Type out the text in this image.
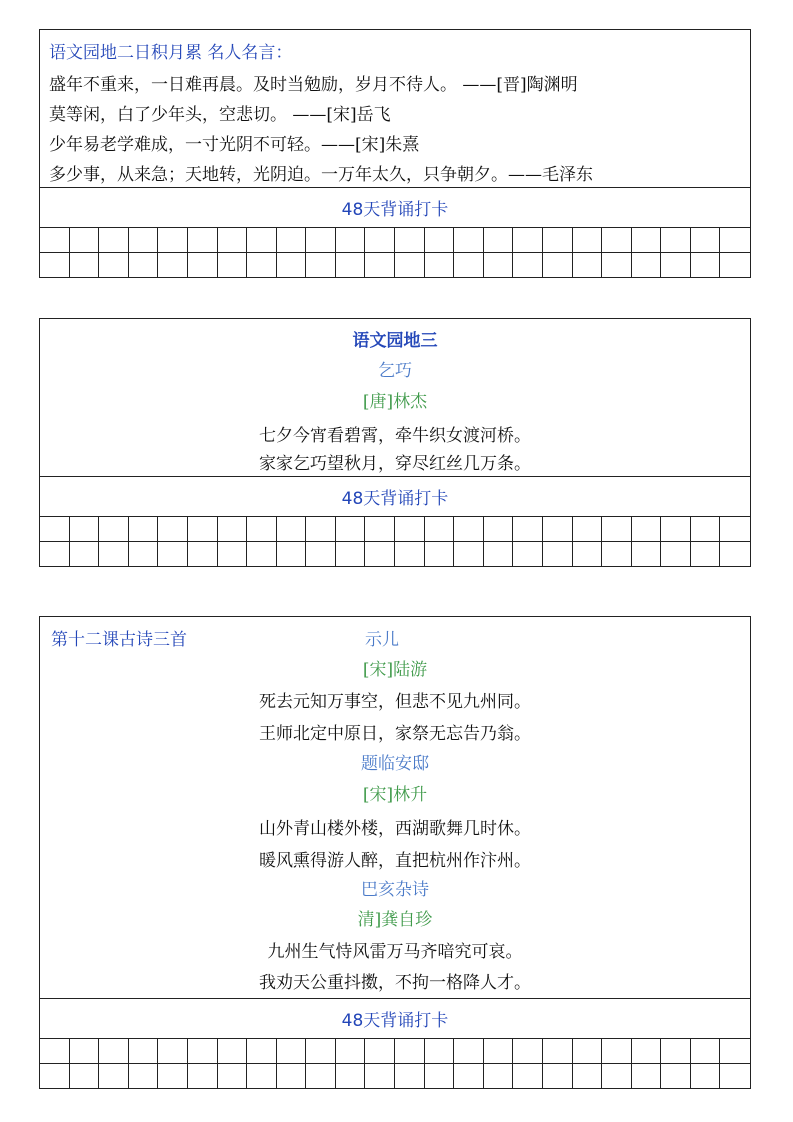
语文园地二日积月累 名人名言：
盛年不重来，一日难再晨。及时当勉励，岁月不待人。 ——[晋]陶渊明
莫等闲，白了少年头，空悲切。 ——[宋]岳飞
少年易老学难成，一寸光阴不可轻。——[宋]朱熹
多少事，从来急；天地转，光阴迫。一万年太久，只争朝夕。——毛泽东
48天背诵打卡
语文园地三
乞巧
[唐]林杰
七夕今宵看碧霄，牵牛织女渡河桥。
家家乞巧望秋月，穿尽红丝几万条。
48天背诵打卡
第十二课古诗三首	示儿
[宋]陆游
死去元知万事空，但悲不见九州同。
王师北定中原日，家祭无忘告乃翁。
题临安邸
[宋]林升
山外青山楼外楼，西湖歌舞几时休。
暖风熏得游人醉，直把杭州作汴州。
巴亥杂诗
清]龚自珍
九州生气恃风雷万马齐喑究可哀。
我劝天公重抖擞，不拘一格降人才。
48天背诵打卡
